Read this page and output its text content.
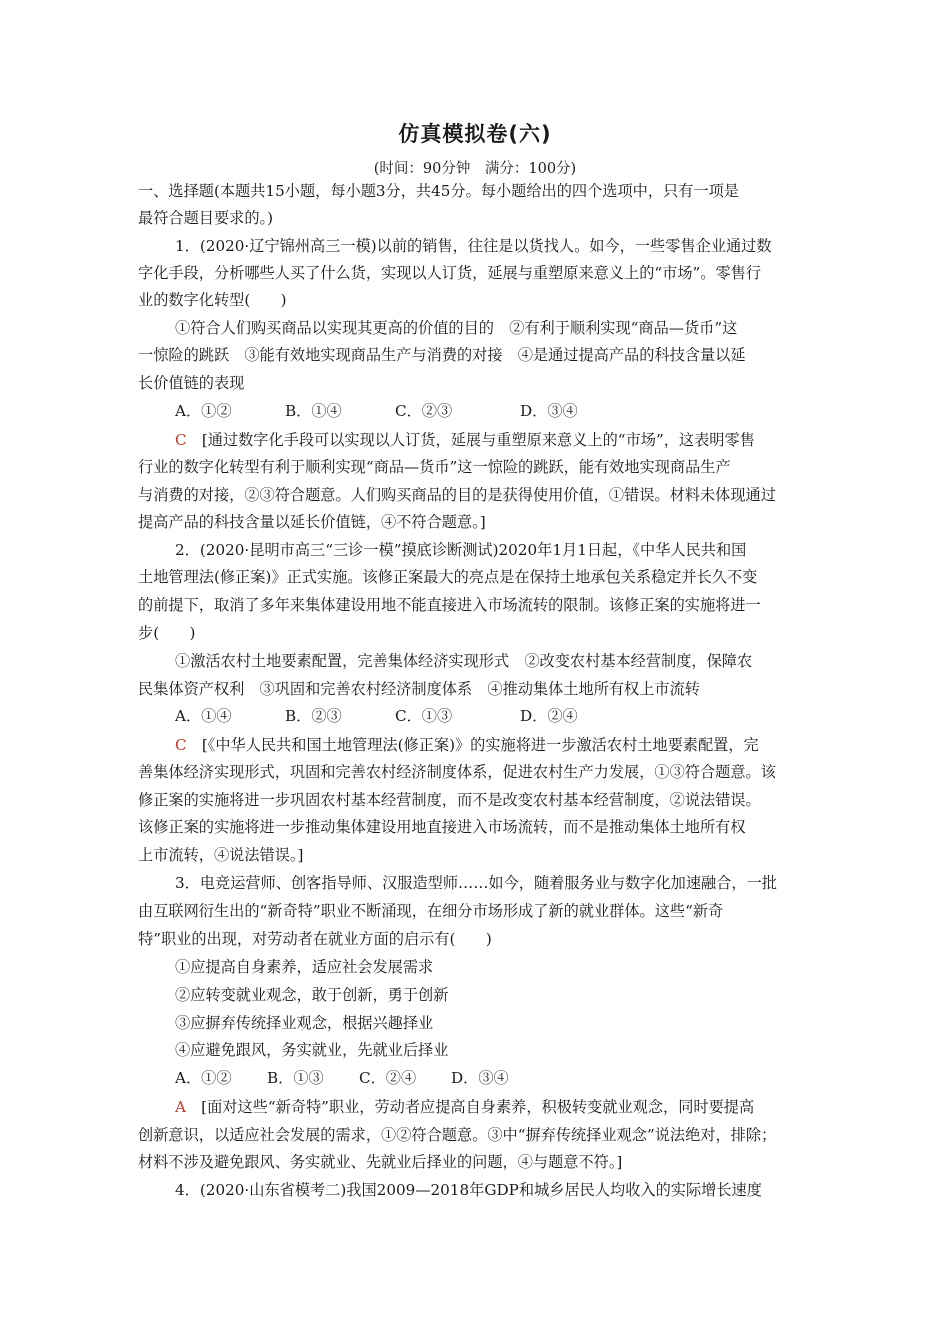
仿真模拟卷(六)
(时间：90分钟　满分：100分)
一、选择题(本题共15小题，每小题3分，共45分。每小题给出的四个选项中，只有一项是
最符合题目要求的。)
1．(2020·辽宁锦州高三一模)以前的销售，往往是以货找人。如今，一些零售企业通过数
字化手段，分析哪些人买了什么货，实现以人订货，延展与重塑原来意义上的“市场”。零售行
业的数字化转型(　　)
①符合人们购买商品以实现其更高的价值的目的　②有利于顺利实现“商品—货币”这
一惊险的跳跃　③能有效地实现商品生产与消费的对接　④是通过提高产品的科技含量以延
长价值链的表现
A．①②	B．①④	C．②③	D．③④
C　 [通过数字化手段可以实现以人订货，延展与重塑原来意义上的“市场”，这表明零售
行业的数字化转型有利于顺利实现“商品—货币”这一惊险的跳跃，能有效地实现商品生产
与消费的对接，②③符合题意。人们购买商品的目的是获得使用价值，①错误。材料未体现通过
提高产品的科技含量以延长价值链，④不符合题意。]
2．(2020·昆明市高三“三诊一模”摸底诊断测试)2020年1月1日起，《中华人民共和国
土地管理法(修正案)》正式实施。该修正案最大的亮点是在保持土地承包关系稳定并长久不变
的前提下，取消了多年来集体建设用地不能直接进入市场流转的限制。该修正案的实施将进一
步(　　)
①激活农村土地要素配置，完善集体经济实现形式　②改变农村基本经营制度，保障农
民集体资产权利　③巩固和完善农村经济制度体系　④推动集体土地所有权上市流转
A．①④	B．②③	C．①③	D．②④
C　 [《中华人民共和国土地管理法(修正案)》的实施将进一步激活农村土地要素配置，完
善集体经济实现形式，巩固和完善农村经济制度体系，促进农村生产力发展，①③符合题意。该
修正案的实施将进一步巩固农村基本经营制度，而不是改变农村基本经营制度，②说法错误。
该修正案的实施将进一步推动集体建设用地直接进入市场流转，而不是推动集体土地所有权
上市流转，④说法错误。]
3．电竞运营师、创客指导师、汉服造型师……如今，随着服务业与数字化加速融合，一批
由互联网衍生出的“新奇特”职业不断涌现，在细分市场形成了新的就业群体。这些“新奇
特”职业的出现，对劳动者在就业方面的启示有(　　)
①应提高自身素养，适应社会发展需求
②应转变就业观念，敢于创新，勇于创新
③应摒弃传统择业观念，根据兴趣择业
④应避免跟风，务实就业，先就业后择业
A．①② B．①③ C．②④ D．③④
A　 [面对这些“新奇特”职业，劳动者应提高自身素养，积极转变就业观念，同时要提高
创新意识，以适应社会发展的需求，①②符合题意。③中“摒弃传统择业观念”说法绝对，排除；
材料不涉及避免跟风、务实就业、先就业后择业的问题，④与题意不符。]
4．(2020·山东省模考二)我国2009—2018年GDP和城乡居民人均收入的实际增长速度
